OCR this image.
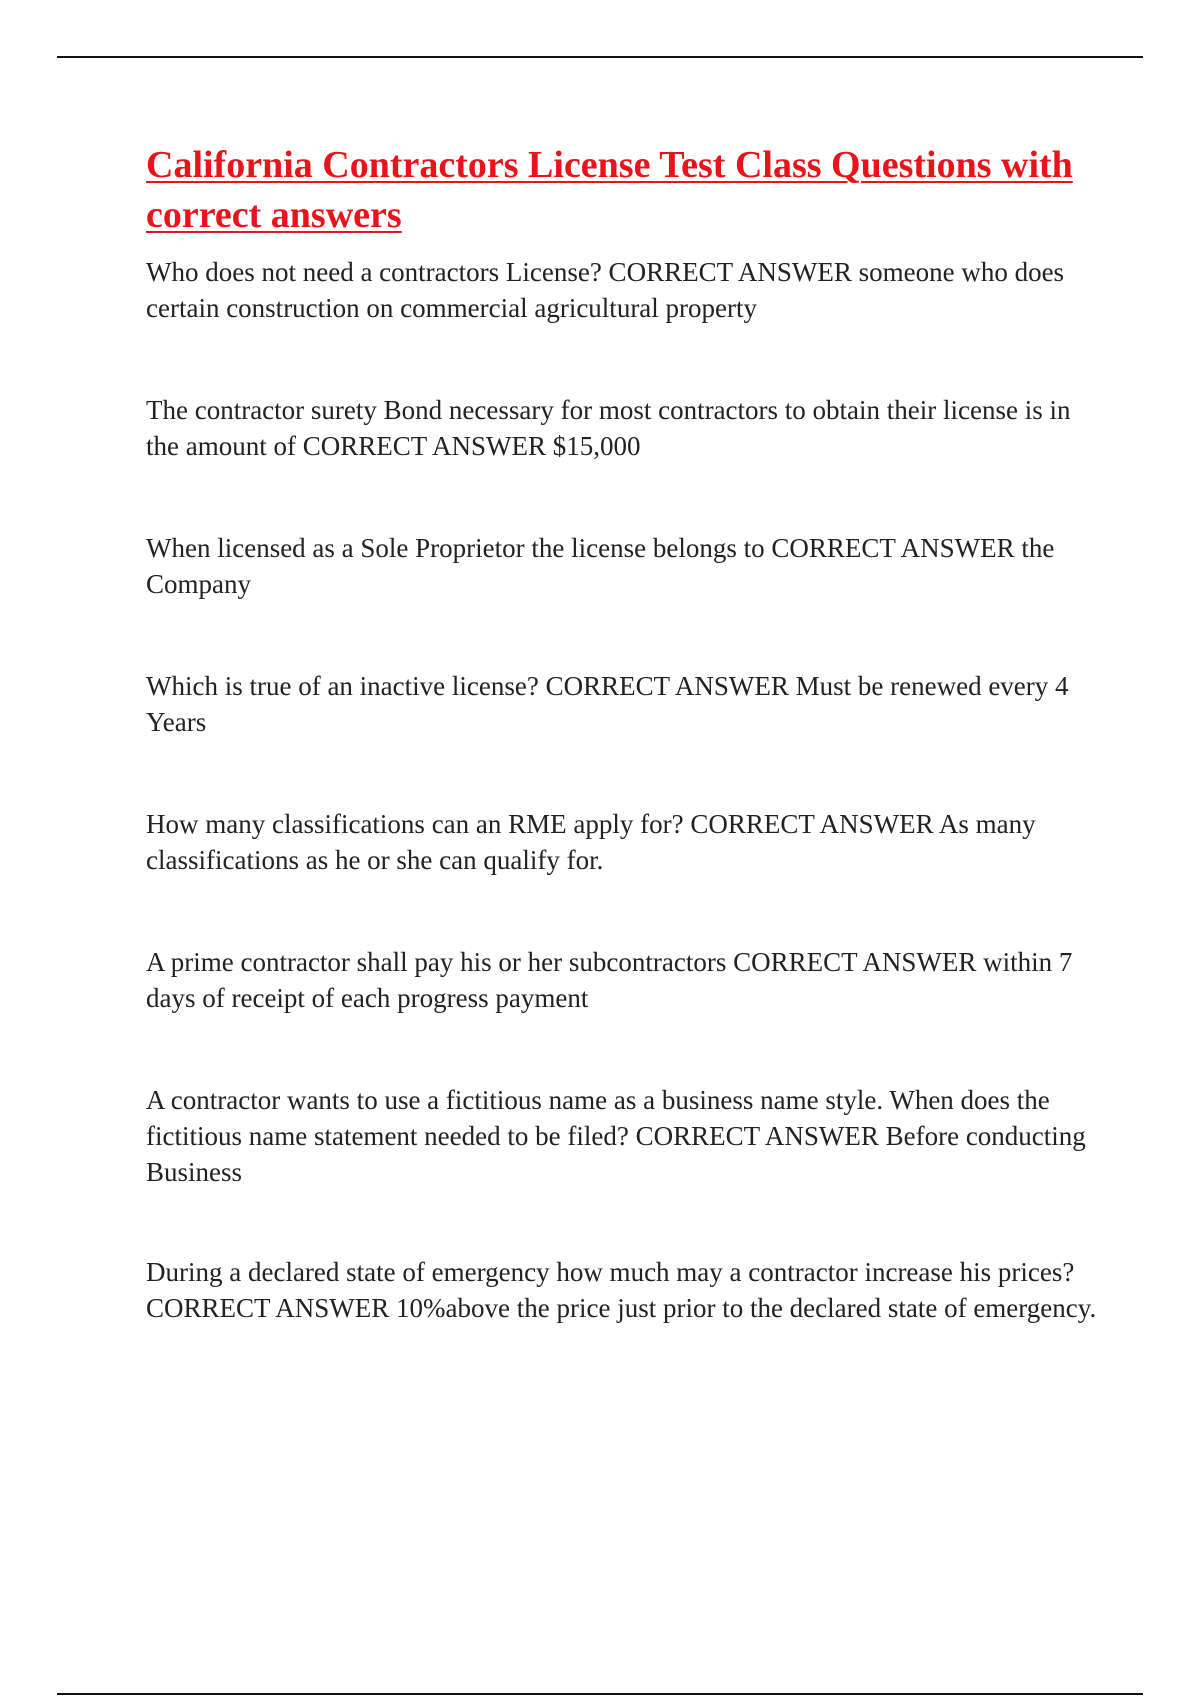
California Contractors License Test Class Questions with correct answers

Who does not need a contractors License? CORRECT ANSWER someone who does certain construction on commercial agricultural property

The contractor surety Bond necessary for most contractors to obtain their license is in the amount of CORRECT ANSWER $15,000

When licensed as a Sole Proprietor the license belongs to CORRECT ANSWER the Company

Which is true of an inactive license? CORRECT ANSWER Must be renewed every 4 Years

How many classifications can an RME apply for? CORRECT ANSWER As many classifications as he or she can qualify for.

A prime contractor shall pay his or her subcontractors CORRECT ANSWER within 7 days of receipt of each progress payment

A contractor wants to use a fictitious name as a business name style. When does the fictitious name statement needed to be filed? CORRECT ANSWER Before conducting Business

During a declared state of emergency how much may a contractor increase his prices? CORRECT ANSWER 10%above the price just prior to the declared state of emergency.
